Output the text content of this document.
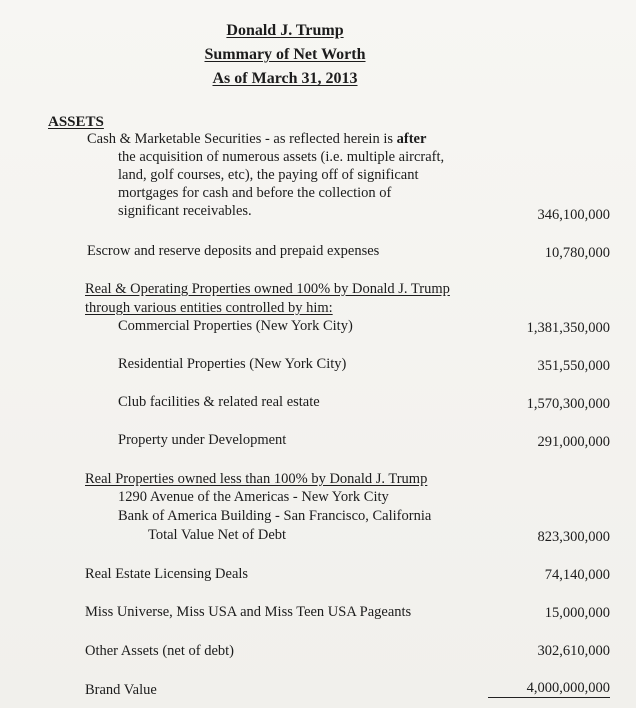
Donald J. Trump
Summary of Net Worth
As of March 31, 2013
ASSETS
Cash & Marketable Securities - as reflected herein is after
the acquisition of numerous assets (i.e. multiple aircraft,
land, golf courses, etc), the paying off of significant
mortgages for cash and before the collection of
significant receivables.	346,100,000
Escrow and reserve deposits and prepaid expenses	10,780,000
Real & Operating Properties owned 100% by Donald J. Trump
through various entities controlled by him:
Commercial Properties (New York City)	1,381,350,000
Residential Properties (New York City)	351,550,000
Club facilities & related real estate	1,570,300,000
Property under Development	291,000,000
Real Properties owned less than 100% by Donald J. Trump
1290 Avenue of the Americas - New York City
Bank of America Building - San Francisco, California
Total Value Net of Debt	823,300,000
Real Estate Licensing Deals	74,140,000
Miss Universe, Miss USA and Miss Teen USA Pageants	15,000,000
Other Assets (net of debt)	302,610,000
Brand Value	4,000,000,000
